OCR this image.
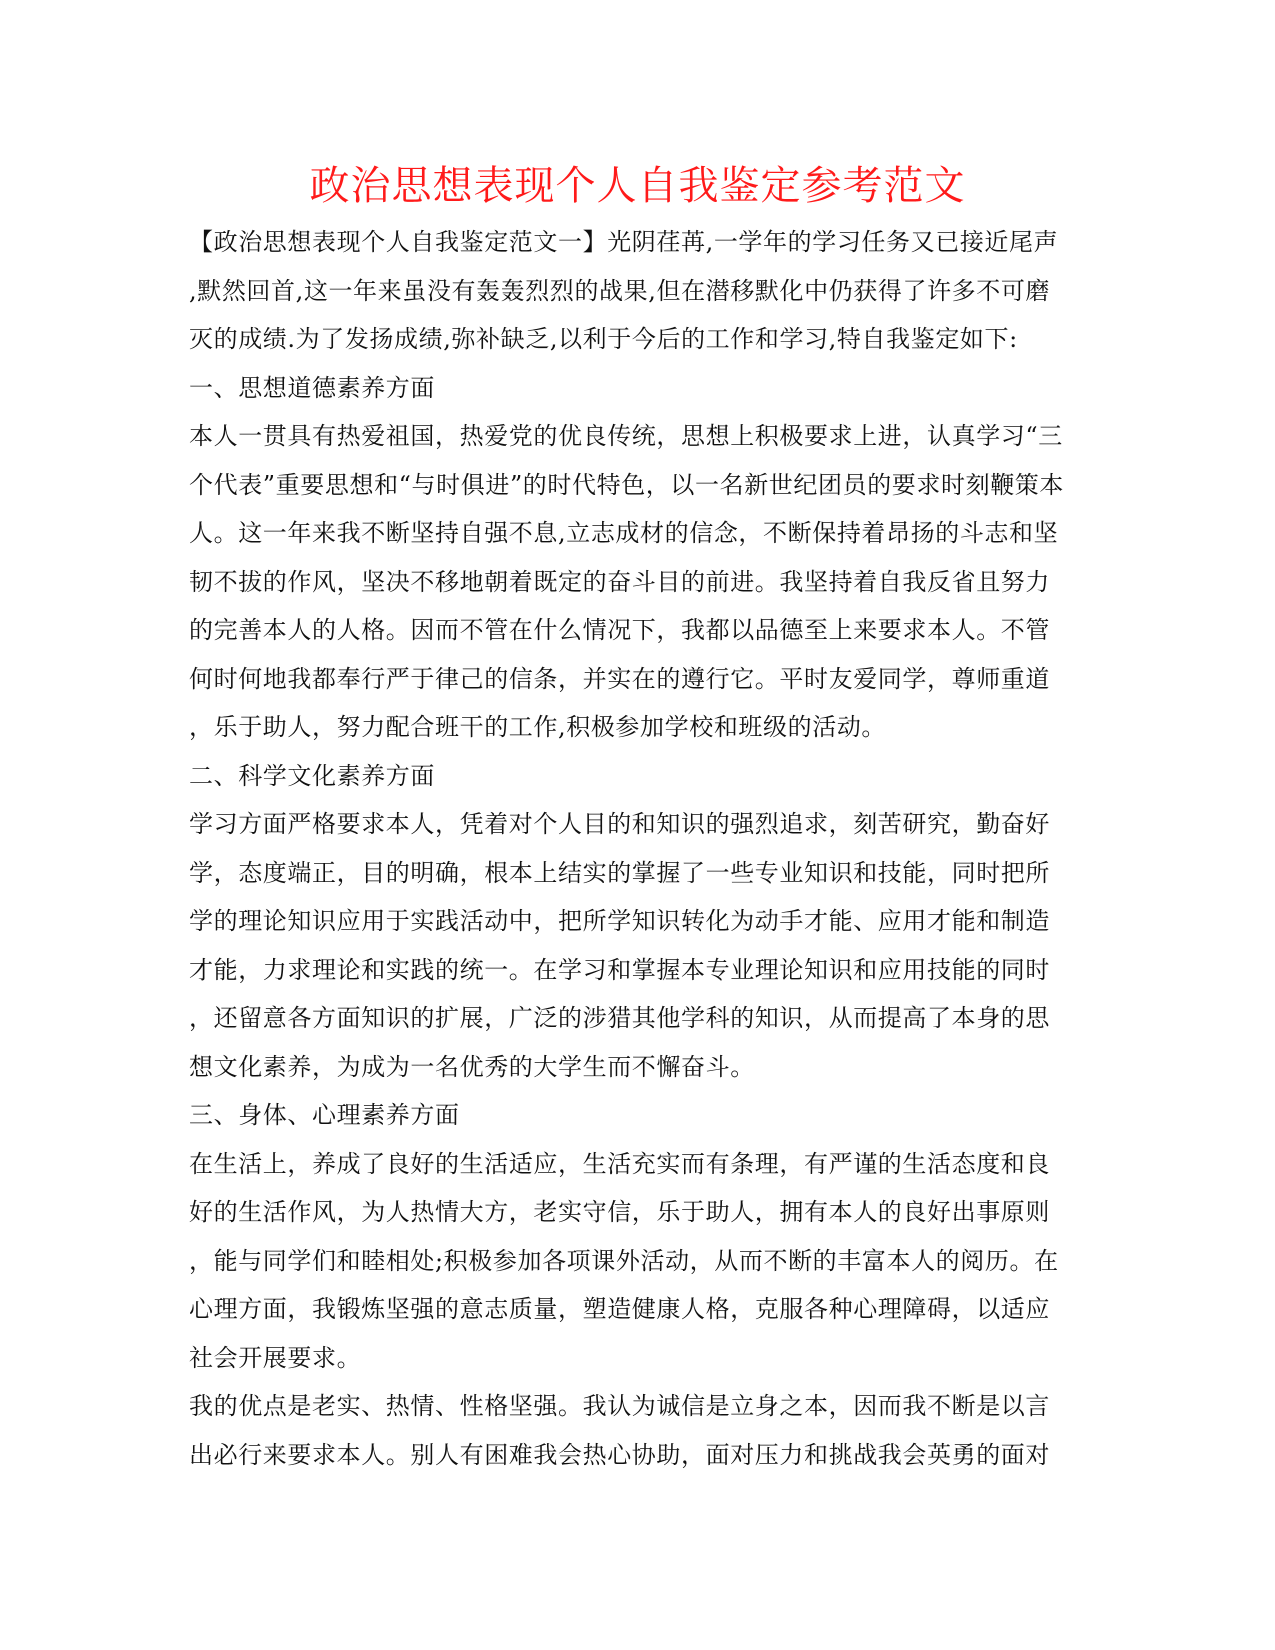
政治思想表现个人自我鉴定参考范文
【政治思想表现个人自我鉴定范文一】光阴荏苒,一学年的学习任务又已接近尾声
,默然回首,这一年来虽没有轰轰烈烈的战果,但在潜移默化中仍获得了许多不可磨
灭的成绩.为了发扬成绩,弥补缺乏,以利于今后的工作和学习,特自我鉴定如下:
一、思想道德素养方面
本人一贯具有热爱祖国，热爱党的优良传统，思想上积极要求上进，认真学习“三
个代表”重要思想和“与时俱进”的时代特色，以一名新世纪团员的要求时刻鞭策本
人。这一年来我不断坚持自强不息,立志成材的信念，不断保持着昂扬的斗志和坚
韧不拔的作风，坚决不移地朝着既定的奋斗目的前进。我坚持着自我反省且努力
的完善本人的人格。因而不管在什么情况下，我都以品德至上来要求本人。不管
何时何地我都奉行严于律己的信条，并实在的遵行它。平时友爱同学，尊师重道
，乐于助人，努力配合班干的工作,积极参加学校和班级的活动。
二、科学文化素养方面
学习方面严格要求本人，凭着对个人目的和知识的强烈追求，刻苦研究，勤奋好
学，态度端正，目的明确，根本上结实的掌握了一些专业知识和技能，同时把所
学的理论知识应用于实践活动中，把所学知识转化为动手才能、应用才能和制造
才能，力求理论和实践的统一。在学习和掌握本专业理论知识和应用技能的同时
，还留意各方面知识的扩展，广泛的涉猎其他学科的知识，从而提高了本身的思
想文化素养，为成为一名优秀的大学生而不懈奋斗。
三、身体、心理素养方面
在生活上，养成了良好的生活适应，生活充实而有条理，有严谨的生活态度和良
好的生活作风，为人热情大方，老实守信，乐于助人，拥有本人的良好出事原则
，能与同学们和睦相处;积极参加各项课外活动，从而不断的丰富本人的阅历。在
心理方面，我锻炼坚强的意志质量，塑造健康人格，克服各种心理障碍，以适应
社会开展要求。
我的优点是老实、热情、性格坚强。我认为诚信是立身之本，因而我不断是以言
出必行来要求本人。别人有困难我会热心协助，面对压力和挑战我会英勇的面对
